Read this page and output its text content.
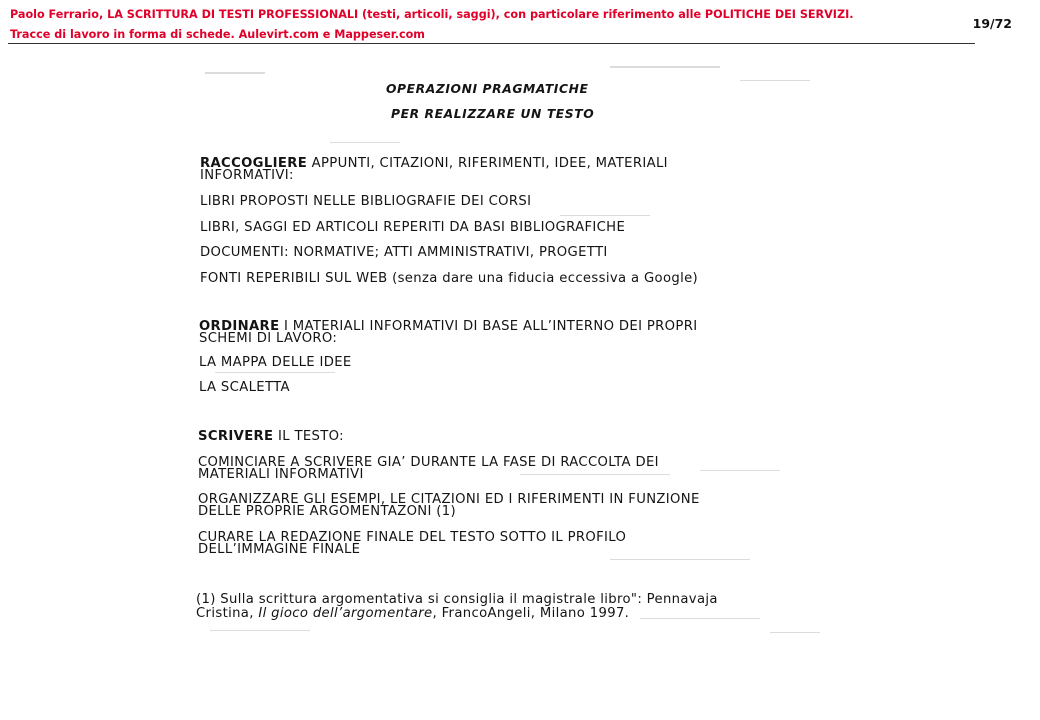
Paolo Ferrario, LA SCRITTURA DI TESTI PROFESSIONALI (testi, articoli, saggi), con particolare riferimento alle POLITICHE DEI SERVIZI.
Tracce di lavoro in forma di schede. Aulevirt.com e Mappeser.com
19/72
OPERAZIONI PRAGMATICHE
PER REALIZZARE UN TESTO
RACCOGLIERE APPUNTI, CITAZIONI, RIFERIMENTI, IDEE, MATERIALI
INFORMATIVI:
LIBRI PROPOSTI NELLE BIBLIOGRAFIE DEI CORSI
LIBRI, SAGGI ED ARTICOLI REPERITI DA BASI BIBLIOGRAFICHE
DOCUMENTI: NORMATIVE; ATTI AMMINISTRATIVI, PROGETTI
FONTI REPERIBILI SUL WEB (senza dare una fiducia eccessiva a Google)
ORDINARE I MATERIALI INFORMATIVI DI BASE ALL’INTERNO DEI PROPRI
SCHEMI DI LAVORO:
LA MAPPA DELLE IDEE
LA SCALETTA
SCRIVERE IL TESTO:
COMINCIARE A SCRIVERE GIA’ DURANTE LA FASE DI RACCOLTA DEI
MATERIALI INFORMATIVI
ORGANIZZARE GLI ESEMPI, LE CITAZIONI ED I RIFERIMENTI IN FUNZIONE
DELLE PROPRIE ARGOMENTAZONI (1)
CURARE LA REDAZIONE FINALE DEL TESTO SOTTO IL PROFILO
DELL’IMMAGINE FINALE
(1) Sulla scrittura argomentativa si consiglia il magistrale libro": Pennavaja
Cristina, Il gioco dell’argomentare, FrancoAngeli, Milano 1997.
